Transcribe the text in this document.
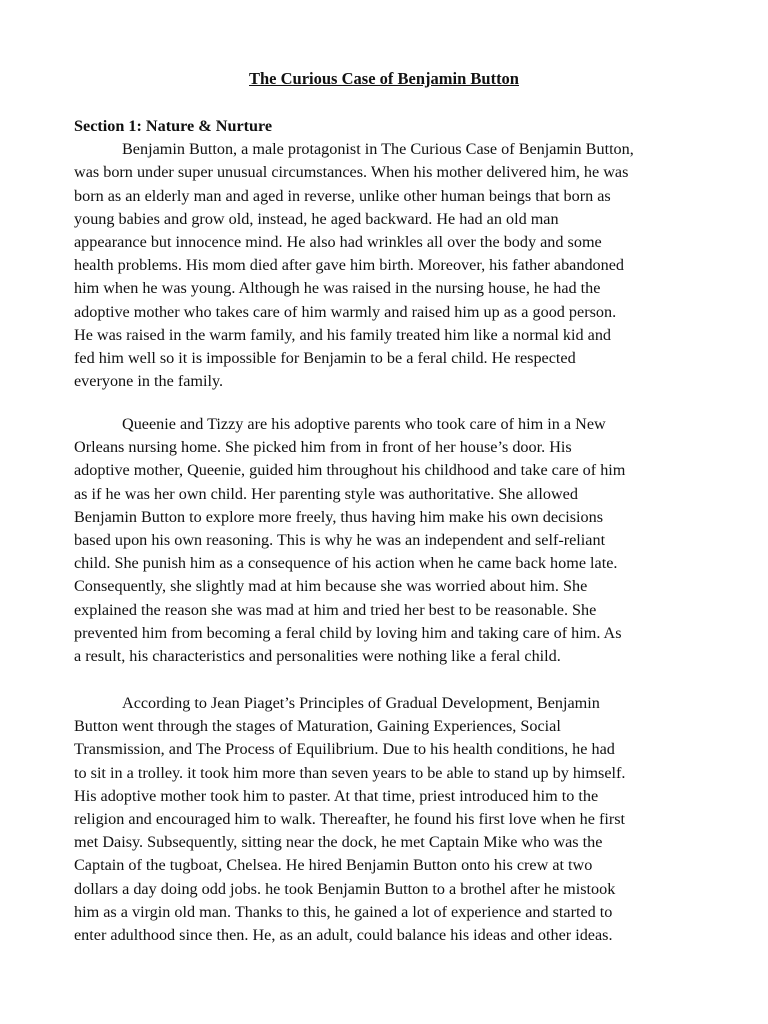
The Curious Case of Benjamin Button
Section 1: Nature & Nurture
Benjamin Button, a male protagonist in The Curious Case of Benjamin Button,
was born under super unusual circumstances. When his mother delivered him, he was
born as an elderly man and aged in reverse, unlike other human beings that born as
young babies and grow old, instead, he aged backward. He had an old man
appearance but innocence mind. He also had wrinkles all over the body and some
health problems. His mom died after gave him birth. Moreover, his father abandoned
him when he was young. Although he was raised in the nursing house, he had the
adoptive mother who takes care of him warmly and raised him up as a good person.
He was raised in the warm family, and his family treated him like a normal kid and
fed him well so it is impossible for Benjamin to be a feral child. He respected
everyone in the family.
Queenie and Tizzy are his adoptive parents who took care of him in a New
Orleans nursing home. She picked him from in front of her house’s door. His
adoptive mother, Queenie, guided him throughout his childhood and take care of him
as if he was her own child. Her parenting style was authoritative. She allowed
Benjamin Button to explore more freely, thus having him make his own decisions
based upon his own reasoning. This is why he was an independent and self-reliant
child. She punish him as a consequence of his action when he came back home late.
Consequently, she slightly mad at him because she was worried about him. She
explained the reason she was mad at him and tried her best to be reasonable. She
prevented him from becoming a feral child by loving him and taking care of him. As
a result, his characteristics and personalities were nothing like a feral child.
According to Jean Piaget’s Principles of Gradual Development, Benjamin
Button went through the stages of Maturation, Gaining Experiences, Social
Transmission, and The Process of Equilibrium. Due to his health conditions, he had
to sit in a trolley. it took him more than seven years to be able to stand up by himself.
His adoptive mother took him to paster. At that time, priest introduced him to the
religion and encouraged him to walk. Thereafter, he found his first love when he first
met Daisy. Subsequently, sitting near the dock, he met Captain Mike who was the
Captain of the tugboat, Chelsea. He hired Benjamin Button onto his crew at two
dollars a day doing odd jobs. he took Benjamin Button to a brothel after he mistook
him as a virgin old man. Thanks to this, he gained a lot of experience and started to
enter adulthood since then. He, as an adult, could balance his ideas and other ideas.
